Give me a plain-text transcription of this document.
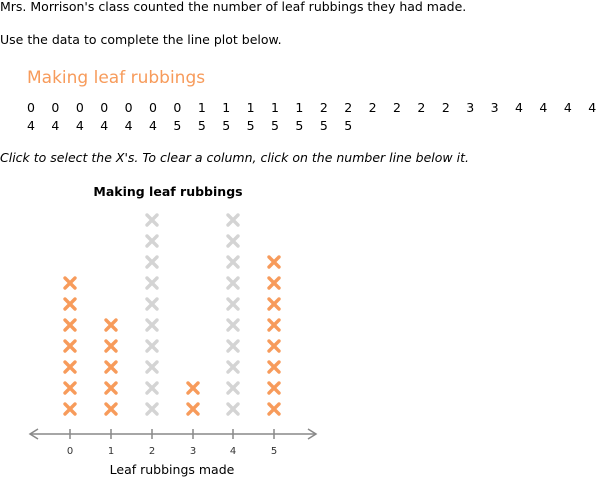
Mrs. Morrison's class counted the number of leaf rubbings they had made.
Use the data to complete the line plot below.
Making leaf rubbings
0 0 0 0 0 0 0 1 1 1 1 1 2 2 2 2 2 2 3 3 4 4 4 4
4 4 4 4 4 4 5 5 5 5 5 5 5 5
Click to select the X's. To clear a column, click on the number line below it.
Making leaf rubbings
0	1	2	3	4	5
Leaf rubbings made
